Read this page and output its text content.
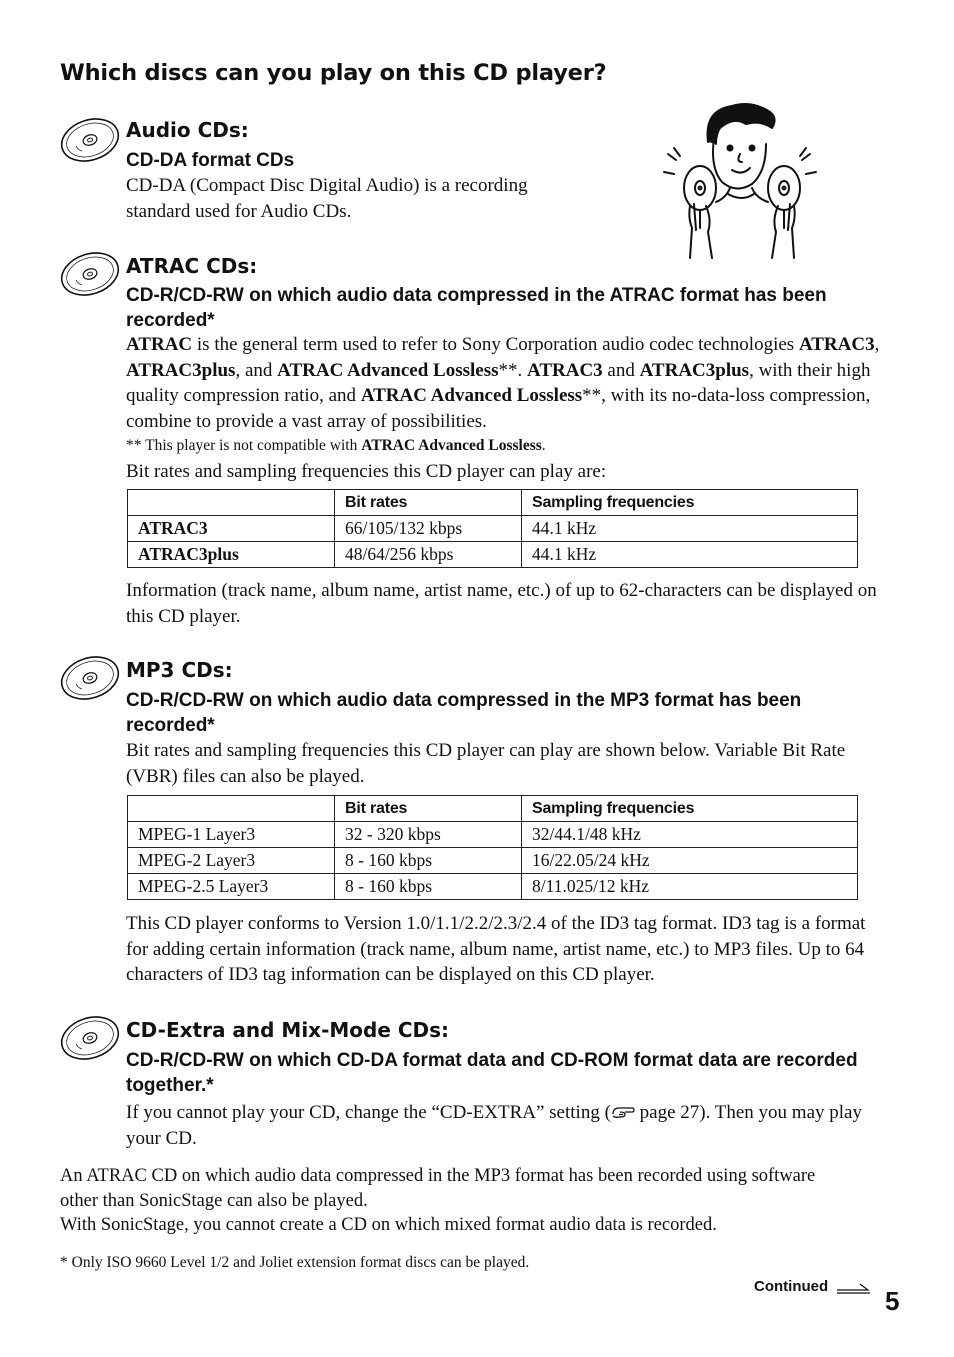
Which discs can you play on this CD player?
Audio CDs:
CD-DA format CDs
CD-DA (Compact Disc Digital Audio) is a recording standard used for Audio CDs.
ATRAC CDs:
CD-R/CD-RW on which audio data compressed in the ATRAC format has been recorded*
ATRAC is the general term used to refer to Sony Corporation audio codec technologies ATRAC3, ATRAC3plus, and ATRAC Advanced Lossless**. ATRAC3 and ATRAC3plus, with their high quality compression ratio, and ATRAC Advanced Lossless**, with its no-data-loss compression, combine to provide a vast array of possibilities.
** This player is not compatible with ATRAC Advanced Lossless.
Bit rates and sampling frequencies this CD player can play are:
	Bit rates	Sampling frequencies
ATRAC3	66/105/132 kbps	44.1 kHz
ATRAC3plus	48/64/256 kbps	44.1 kHz
Information (track name, album name, artist name, etc.) of up to 62-characters can be displayed on this CD player.
MP3 CDs:
CD-R/CD-RW on which audio data compressed in the MP3 format has been recorded*
Bit rates and sampling frequencies this CD player can play are shown below. Variable Bit Rate (VBR) files can also be played.
	Bit rates	Sampling frequencies
MPEG-1 Layer3	32 - 320 kbps	32/44.1/48 kHz
MPEG-2 Layer3	8 - 160 kbps	16/22.05/24 kHz
MPEG-2.5 Layer3	8 - 160 kbps	8/11.025/12 kHz
This CD player conforms to Version 1.0/1.1/2.2/2.3/2.4 of the ID3 tag format. ID3 tag is a format for adding certain information (track name, album name, artist name, etc.) to MP3 files. Up to 64 characters of ID3 tag information can be displayed on this CD player.
CD-Extra and Mix-Mode CDs:
CD-R/CD-RW on which CD-DA format data and CD-ROM format data are recorded together.*
If you cannot play your CD, change the “CD-EXTRA” setting ( page 27). Then you may play your CD.
An ATRAC CD on which audio data compressed in the MP3 format has been recorded using software other than SonicStage can also be played.
With SonicStage, you cannot create a CD on which mixed format audio data is recorded.
* Only ISO 9660 Level 1/2 and Joliet extension format discs can be played.
Continued 5
